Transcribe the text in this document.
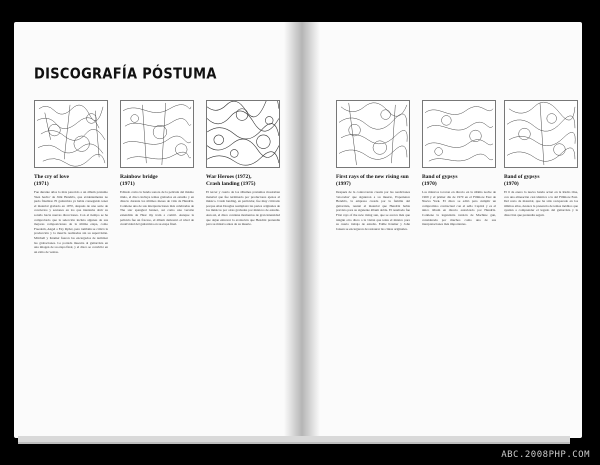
DISCOGRAFÍA PÓSTUMA
The cry of love
(1971)
Fue durante años lo más parecido a un álbum póstumo 'bien hecho' de Jimi Hendrix, que evidentemente no pudo finalizar. El guitarrista ya había conseguido tener el material grabado en 1970, después de una serie de conciertos y sesiones en los que intentaba abrir su sonido hacia nuevas direcciones. Con el tiempo se ha comprobado que la selección incluía algunas de sus mejores composiciones de la última etapa, como Freedom, Angel o Ezy Ryder, pero también se criticó la producción y la mezcla realizadas sin su supervisión. Mitchell y Kramer fueron los encargados de terminar las grabaciones. La portada muestra al guitarrista en una imagen de su etapa final, y el disco se convirtió en un éxito de ventas.
Rainbow bridge
(1971)
Editado como la banda sonora de la película del mismo título, el disco incluye temas grabados en estudio y en directo durante los últimos meses de vida de Hendrix. Contiene una de sus interpretaciones más celebradas de The star spangled banner, así como una versión extendida de Hear my train a comin'. Aunque la película fue un fracaso, el álbum demostró el nivel de creatividad del guitarrista en su etapa final.
War Heroes (1972),
Crash landing (1975)
El tercer y cuarto de los álbumes póstumos mostraban material que fue terminado por productores ajenos al músico. Crash landing, en particular, fue muy criticado porque Alan Douglas reemplazó las partes originales de los músicos por otras grabadas por músicos de estudio. Aun así, el disco contiene momentos de gran intensidad que dejan entrever la evolución que Hendrix pretendía para su música antes de su muerte.
First rays of the new rising sun
(1997)
Después de la controversia creada por las reediciones 'retocadas' que siguieron a su muerte, Experience Hendrix, la empresa creada por la familia del guitarrista, reunió el material que Hendrix había previsto para su siguiente álbum doble. El resultado fue First rays of the new rising sun, que se acerca más que ningún otro disco a la visión que tenía el músico para su cuarto trabajo de estudio. Eddie Kramer y John Jansen se encargaron de restaurar las cintas originales.
Band of gypsys
(1970)
Los músicos tocaron en directo en la última noche de 1969 y el primer día de 1970 en el Fillmore East de Nueva York. El disco se editó para cumplir un compromiso contractual con el sello Capitol y es el único álbum en directo autorizado por Hendrix. Contiene la legendaria versión de Machine gun, considerada por muchos como una de sus interpretaciones más importantes.
Band of gypsys
(1970)
El 6 de enero la nueva banda actuó en la Radio One, con una alineación casi idéntica a la del Fillmore East. Del resto de material, que ha sido recuperado en los últimos años, destaca la presencia de temas inéditos que ayudan a comprender el legado del guitarrista y la dirección que pretendía seguir.
ABC.2008PHP.COM
